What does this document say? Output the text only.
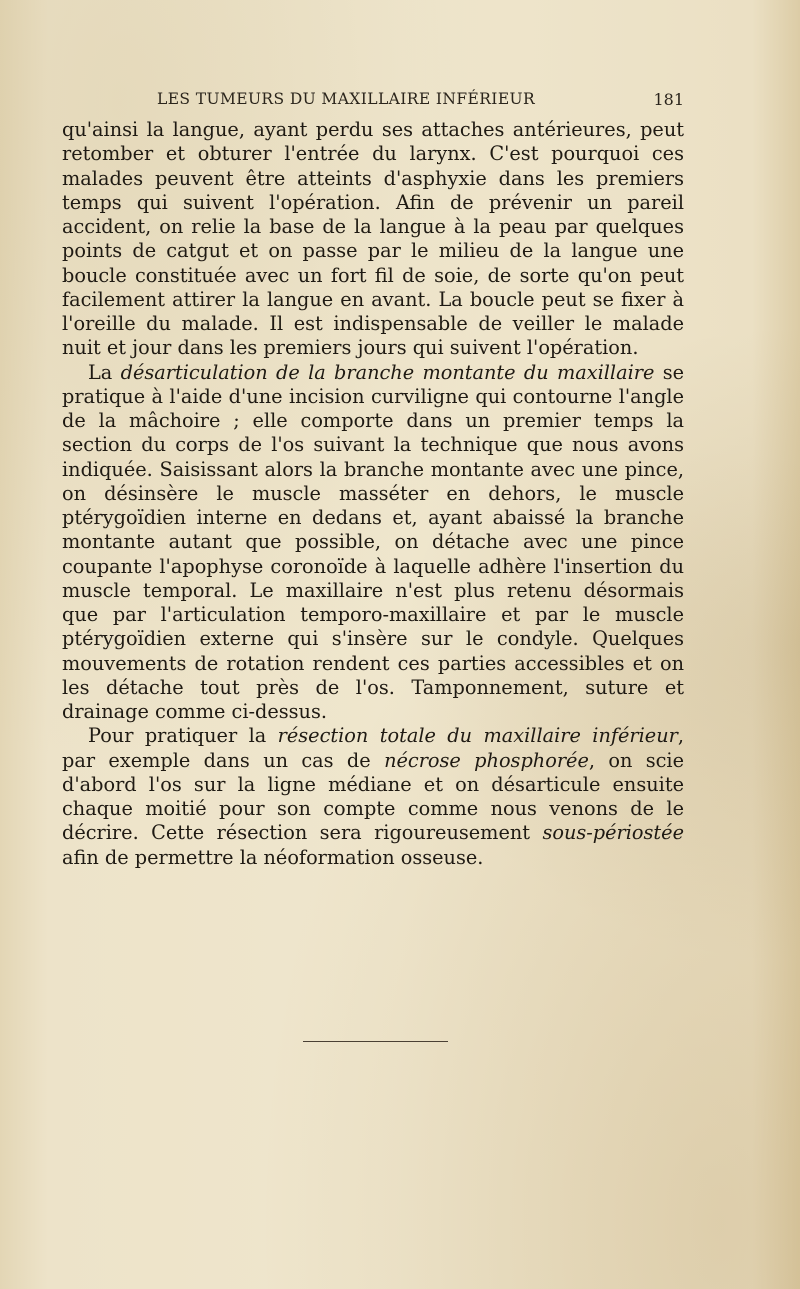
LES TUMEURS DU MAXILLAIRE INFÉRIEUR	181

qu'ainsi la langue, ayant perdu ses attaches antérieures, peut retomber et obturer l'entrée du larynx. C'est pourquoi ces malades peuvent être atteints d'asphyxie dans les premiers temps qui suivent l'opération. Afin de prévenir un pareil accident, on relie la base de la langue à la peau par quelques points de catgut et on passe par le milieu de la langue une boucle constituée avec un fort fil de soie, de sorte qu'on peut facilement attirer la langue en avant. La boucle peut se fixer à l'oreille du malade. Il est indispensable de veiller le malade nuit et jour dans les premiers jours qui suivent l'opération.

La désarticulation de la branche montante du maxillaire se pratique à l'aide d'une incision curviligne qui contourne l'angle de la mâchoire ; elle comporte dans un premier temps la section du corps de l'os suivant la technique que nous avons indiquée. Saisissant alors la branche montante avec une pince, on désinsère le muscle masséter en dehors, le muscle ptérygoïdien interne en dedans et, ayant abaissé la branche montante autant que possible, on détache avec une pince coupante l'apophyse coronoïde à laquelle adhère l'insertion du muscle temporal. Le maxillaire n'est plus retenu désormais que par l'articulation temporo-maxillaire et par le muscle ptérygoïdien externe qui s'insère sur le condyle. Quelques mouvements de rotation rendent ces parties accessibles et on les détache tout près de l'os. Tamponnement, suture et drainage comme ci-dessus.

Pour pratiquer la résection totale du maxillaire inférieur, par exemple dans un cas de nécrose phosphorée, on scie d'abord l'os sur la ligne médiane et on désarticule ensuite chaque moitié pour son compte comme nous venons de le décrire. Cette résection sera rigoureusement sous-périostée afin de permettre la néoformation osseuse.
